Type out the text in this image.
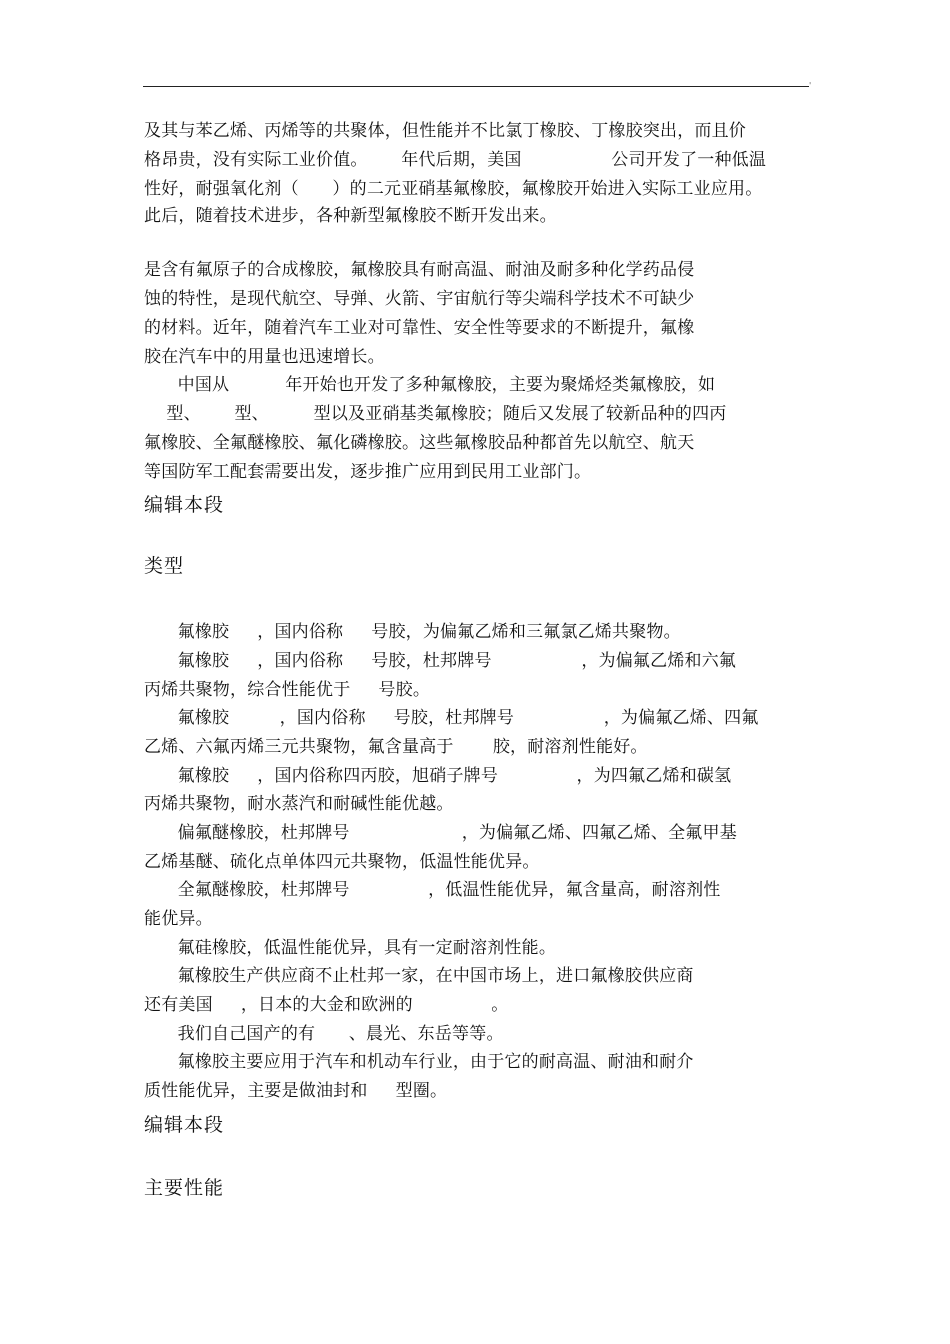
'
及其与苯乙烯、丙烯等的共聚体，但性能并不比氯丁橡胶、丁橡胶突出，而且价
格昂贵，没有实际工业价值。      年代后期，美国                公司开发了一种低温
性好，耐强氧化剂（      ）的二元亚硝基氟橡胶，氟橡胶开始进入实际工业应用。
此后，随着技术进步，各种新型氟橡胶不断开发出来。
是含有氟原子的合成橡胶，氟橡胶具有耐高温、耐油及耐多种化学药品侵
蚀的特性，是现代航空、导弹、火箭、宇宙航行等尖端科学技术不可缺少
的材料。近年，随着汽车工业对可靠性、安全性等要求的不断提升，氟橡
胶在汽车中的用量也迅速增长。
中国从          年开始也开发了多种氟橡胶，主要为聚烯烃类氟橡胶，如
型、      型、        型以及亚硝基类氟橡胶；随后又发展了较新品种的四丙
氟橡胶、全氟醚橡胶、氟化磷橡胶。这些氟橡胶品种都首先以航空、航天
等国防军工配套需要出发，逐步推广应用到民用工业部门。
编辑本段
类型
氟橡胶     ，国内俗称     号胶，为偏氟乙烯和三氟氯乙烯共聚物。
氟橡胶     ，国内俗称     号胶，杜邦牌号                ，为偏氟乙烯和六氟
丙烯共聚物，综合性能优于     号胶。
氟橡胶         ，国内俗称     号胶，杜邦牌号                ，为偏氟乙烯、四氟
乙烯、六氟丙烯三元共聚物，氟含量高于       胶，耐溶剂性能好。
氟橡胶     ，国内俗称四丙胶，旭硝子牌号              ，为四氟乙烯和碳氢
丙烯共聚物，耐水蒸汽和耐碱性能优越。
偏氟醚橡胶，杜邦牌号                    ，为偏氟乙烯、四氟乙烯、全氟甲基
乙烯基醚、硫化点单体四元共聚物，低温性能优异。
全氟醚橡胶，杜邦牌号              ，低温性能优异，氟含量高，耐溶剂性
能优异。
氟硅橡胶，低温性能优异，具有一定耐溶剂性能。
氟橡胶生产供应商不止杜邦一家，在中国市场上，进口氟橡胶供应商
还有美国     ，日本的大金和欧洲的              。
我们自己国产的有      、晨光、东岳等等。
氟橡胶主要应用于汽车和机动车行业，由于它的耐高温、耐油和耐介
质性能优异，主要是做油封和     型圈。
编辑本段
主要性能
